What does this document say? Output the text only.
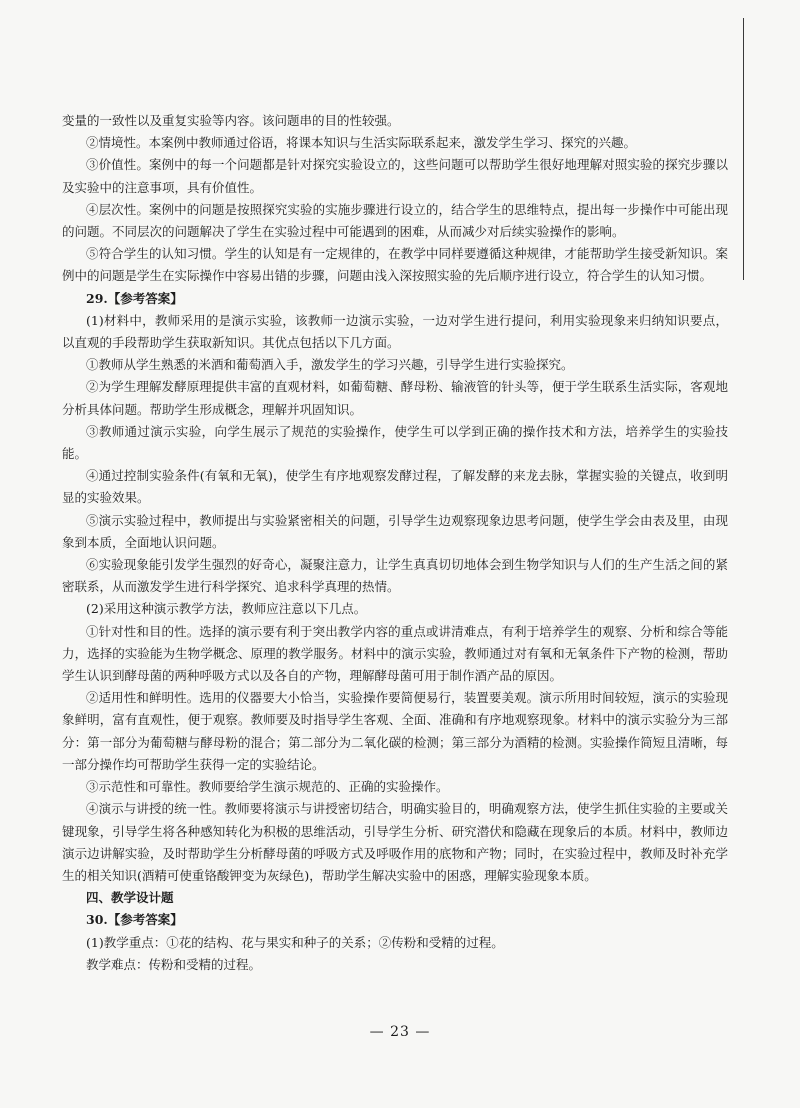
变量的一致性以及重复实验等内容。该问题串的目的性较强。

②情境性。本案例中教师通过俗语，将课本知识与生活实际联系起来，激发学生学习、探究的兴趣。

③价值性。案例中的每一个问题都是针对探究实验设立的，这些问题可以帮助学生很好地理解对照实验的探究步骤以及实验中的注意事项，具有价值性。

④层次性。案例中的问题是按照探究实验的实施步骤进行设立的，结合学生的思维特点，提出每一步操作中可能出现的问题。不同层次的问题解决了学生在实验过程中可能遇到的困难，从而减少对后续实验操作的影响。

⑤符合学生的认知习惯。学生的认知是有一定规律的，在教学中同样要遵循这种规律，才能帮助学生接受新知识。案例中的问题是学生在实际操作中容易出错的步骤，问题由浅入深按照实验的先后顺序进行设立，符合学生的认知习惯。

29.【参考答案】

(1)材料中，教师采用的是演示实验，该教师一边演示实验，一边对学生进行提问，利用实验现象来归纳知识要点，以直观的手段帮助学生获取新知识。其优点包括以下几方面。

①教师从学生熟悉的米酒和葡萄酒入手，激发学生的学习兴趣，引导学生进行实验探究。

②为学生理解发酵原理提供丰富的直观材料，如葡萄糖、酵母粉、输液管的针头等，便于学生联系生活实际，客观地分析具体问题。帮助学生形成概念，理解并巩固知识。

③教师通过演示实验，向学生展示了规范的实验操作，使学生可以学到正确的操作技术和方法，培养学生的实验技能。

④通过控制实验条件(有氧和无氧)，使学生有序地观察发酵过程，了解发酵的来龙去脉，掌握实验的关键点，收到明显的实验效果。

⑤演示实验过程中，教师提出与实验紧密相关的问题，引导学生边观察现象边思考问题，使学生学会由表及里，由现象到本质，全面地认识问题。

⑥实验现象能引发学生强烈的好奇心，凝聚注意力，让学生真真切切地体会到生物学知识与人们的生产生活之间的紧密联系，从而激发学生进行科学探究、追求科学真理的热情。

(2)采用这种演示教学方法，教师应注意以下几点。

①针对性和目的性。选择的演示要有利于突出教学内容的重点或讲清难点，有利于培养学生的观察、分析和综合等能力，选择的实验能为生物学概念、原理的教学服务。材料中的演示实验，教师通过对有氧和无氧条件下产物的检测，帮助学生认识到酵母菌的两种呼吸方式以及各自的产物，理解酵母菌可用于制作酒产品的原因。

②适用性和鲜明性。选用的仪器要大小恰当，实验操作要简便易行，装置要美观。演示所用时间较短，演示的实验现象鲜明，富有直观性，便于观察。教师要及时指导学生客观、全面、准确和有序地观察现象。材料中的演示实验分为三部分：第一部分为葡萄糖与酵母粉的混合；第二部分为二氧化碳的检测；第三部分为酒精的检测。实验操作简短且清晰，每一部分操作均可帮助学生获得一定的实验结论。

③示范性和可靠性。教师要给学生演示规范的、正确的实验操作。

④演示与讲授的统一性。教师要将演示与讲授密切结合，明确实验目的，明确观察方法，使学生抓住实验的主要或关键现象，引导学生将各种感知转化为积极的思维活动，引导学生分析、研究潜伏和隐藏在现象后的本质。材料中，教师边演示边讲解实验，及时帮助学生分析酵母菌的呼吸方式及呼吸作用的底物和产物；同时，在实验过程中，教师及时补充学生的相关知识(酒精可使重铬酸钾变为灰绿色)，帮助学生解决实验中的困惑，理解实验现象本质。

四、教学设计题

30.【参考答案】

(1)教学重点：①花的结构、花与果实和种子的关系；②传粉和受精的过程。

教学难点：传粉和受精的过程。

— 23 —
